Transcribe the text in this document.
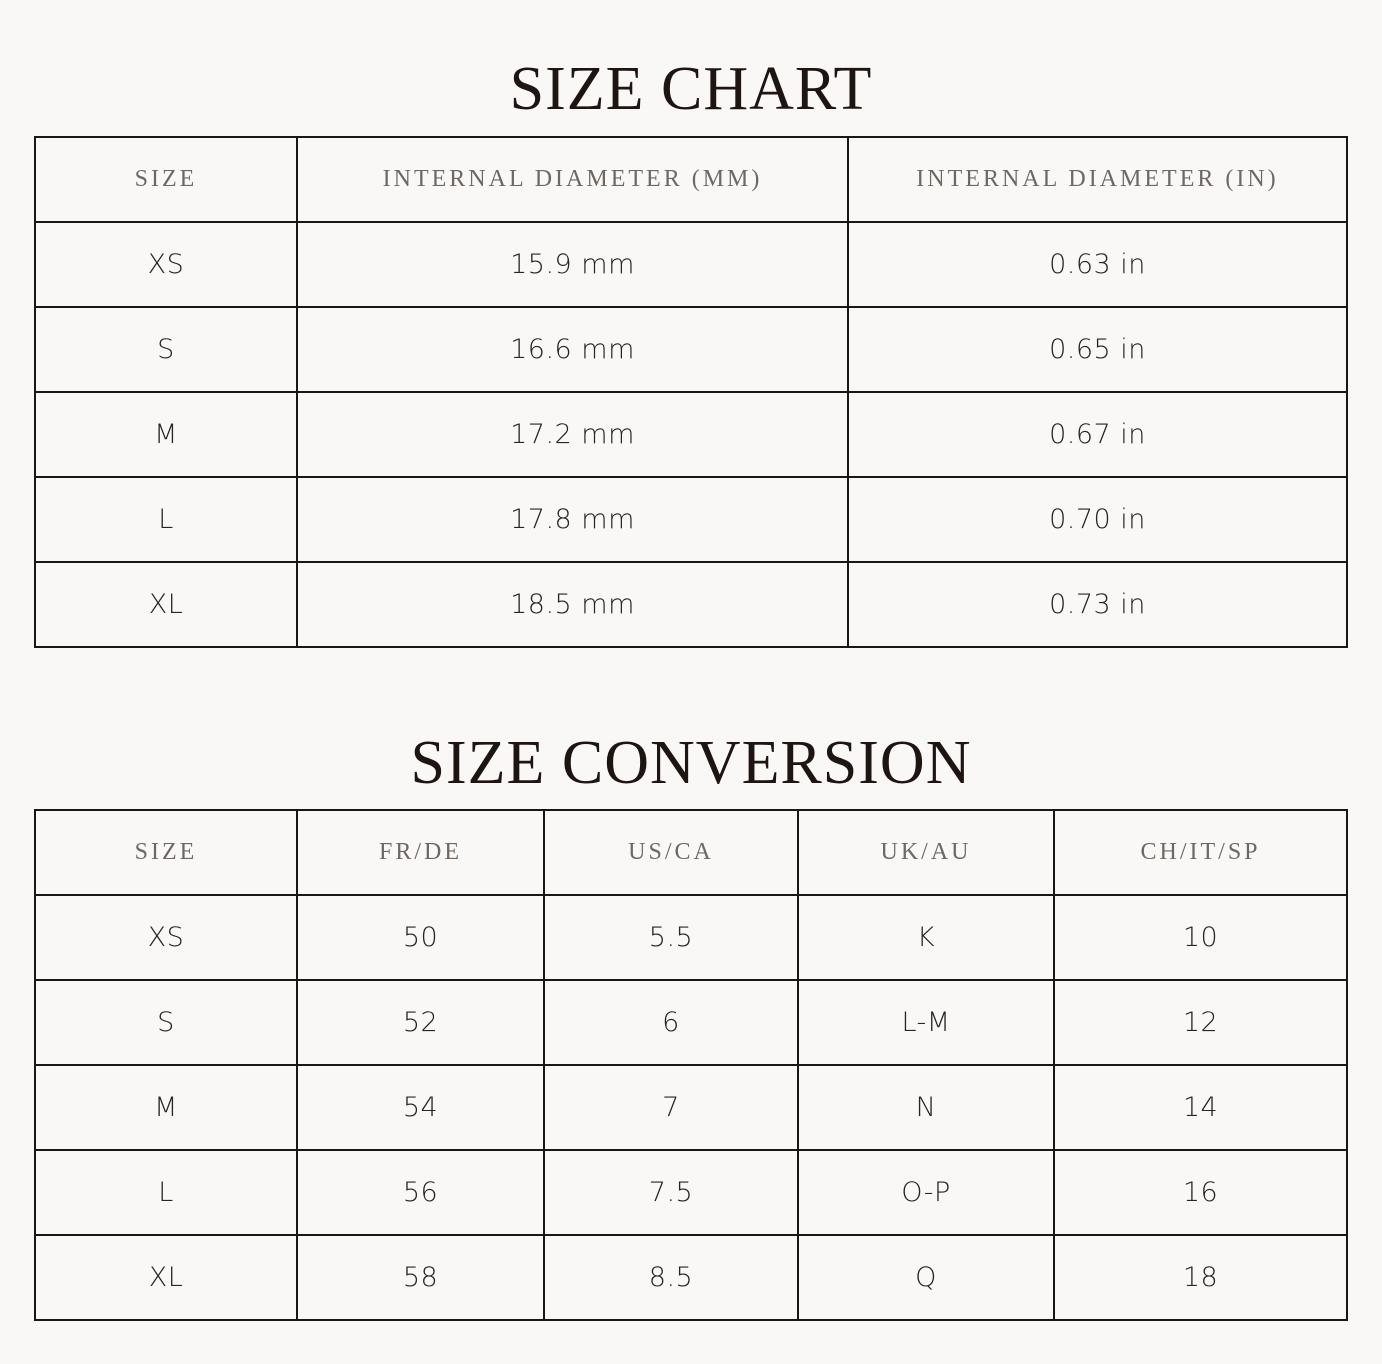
SIZE CHART
SIZE	INTERNAL DIAMETER (MM)	INTERNAL DIAMETER (IN)
XS	15.9 mm	0.63 in
S	16.6 mm	0.65 in
M	17.2 mm	0.67 in
L	17.8 mm	0.70 in
XL	18.5 mm	0.73 in
SIZE CONVERSION
SIZE	FR/DE	US/CA	UK/AU	CH/IT/SP
XS	50	5.5	K	10
S	52	6	L-M	12
M	54	7	N	14
L	56	7.5	O-P	16
XL	58	8.5	Q	18
